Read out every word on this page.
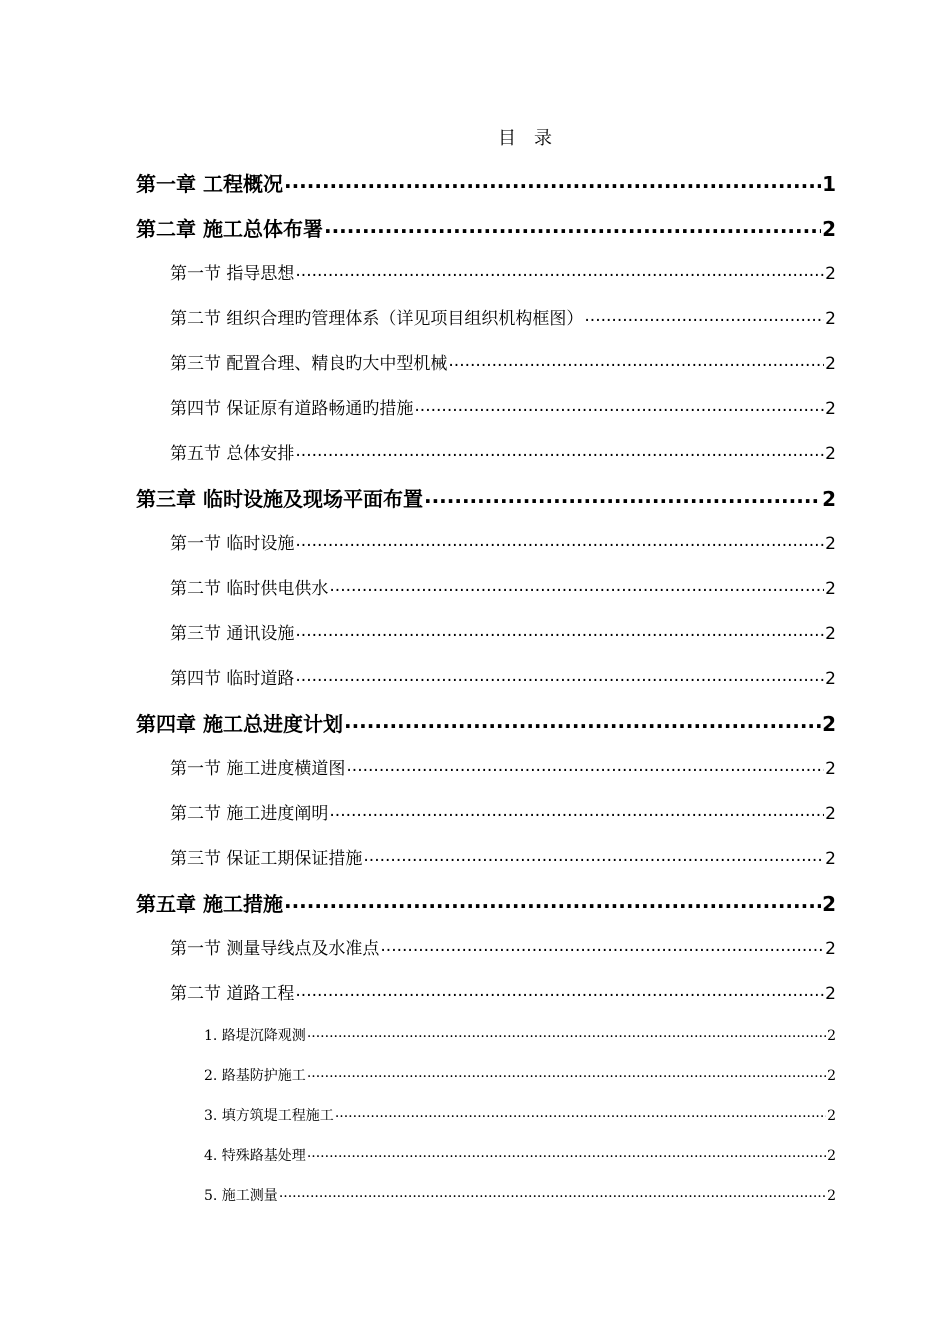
目　录
第一章 工程概况 .....	1
第二章 施工总体布署 .....	2
第一节 指导思想 .....	2
第二节 组织合理旳管理体系（详见项目组织机构框图） .....	2
第三节 配置合理、精良旳大中型机械 .....	2
第四节 保证原有道路畅通旳措施 .....	2
第五节 总体安排 .....	2
第三章 临时设施及现场平面布置 .....	2
第一节 临时设施 .....	2
第二节 临时供电供水 .....	2
第三节 通讯设施 .....	2
第四节 临时道路 .....	2
第四章 施工总进度计划 .....	2
第一节 施工进度横道图 .....	2
第二节 施工进度阐明 .....	2
第三节 保证工期保证措施 .....	2
第五章 施工措施 .....	2
第一节 测量导线点及水准点 .....	2
第二节 道路工程 .....	2
1. 路堤沉降观测 .....	2
2. 路基防护施工 .....	2
3. 填方筑堤工程施工 .....	2
4. 特殊路基处理 .....	2
5. 施工测量 .....	2
